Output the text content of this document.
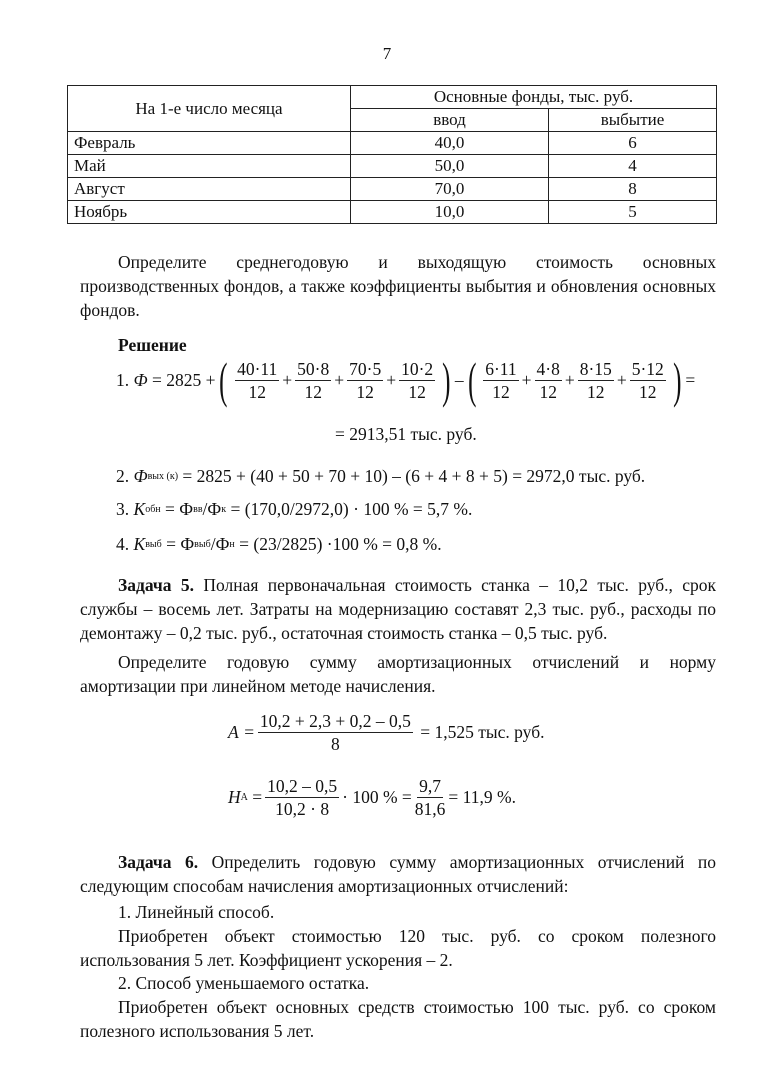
7
На 1-е число месяца	Основные фонды, тыс. руб.	
	ввод	выбытие
Февраль	40,0	6
Май	50,0	4
Август	70,0	8
Ноябрь	10,0	5
Определите среднегодовую и выходящую стоимость основных производственных фондов, а также коэффициенты выбытия и обновления основных фондов.
Решение
1.
Ф
= 2825 + ( 40·11
12
+
50·8
12
+
70·5
12
+
10·2
12 ) – ( 6·11
12
+
4·8
12
+
8·15
12
+
5·12
12 ) =
= 2913,51 тыс. руб.
2.
Ф вых (к)
= 2825 + (40 + 50 + 70 + 10) – (6 + 4 + 8 + 5) = 2972,0 тыс. руб.
3.
K обн
= Ф вв /Ф к
= (170,0/2972,0) · 100 % = 5,7 %.
4.
K выб
= Ф выб /Ф н
= (23/2825) ·100 % = 0,8 %.
Задача 5. Полная первоначальная стоимость станка – 10,2 тыс. руб., срок службы – восемь лет. Затраты на модернизацию составят 2,3 тыс. руб., расходы по демонтажу – 0,2 тыс. руб., остаточная стоимость станка – 0,5 тыс. руб.
Определите годовую сумму амортизационных отчислений и норму амортизации при линейном методе начисления.
$А = \frac{10,2 + 2,3 + 0,2 - 0,5}{8}$
= 1,525 тыс. руб.
H А
= $\frac{10,2 - 0,5}{10,2 \cdot 8} \cdot 100$ % = $\frac{9,7}{81,6} = 11,9$ %.
Задача 6. Определить годовую сумму амортизационных отчислений по следующим способам начисления амортизационных отчислений:
1. Линейный способ.
Приобретен объект стоимостью 120 тыс. руб. со сроком полезного использования 5 лет. Коэффициент ускорения – 2.
2. Способ уменьшаемого остатка.
Приобретен объект основных средств стоимостью 100 тыс. руб. со сроком полезного использования 5 лет.
